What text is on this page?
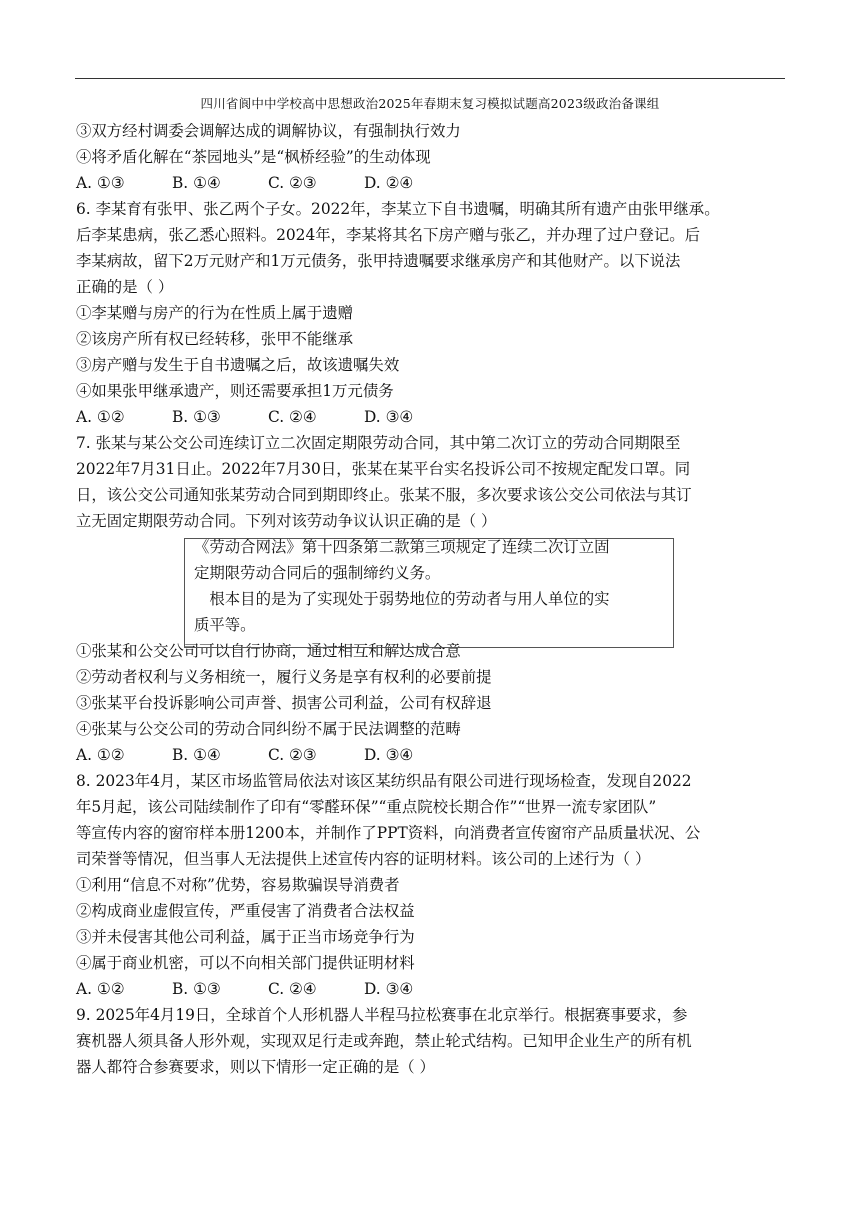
四川省阆中中学校高中思想政治2025年春期末复习模拟试题高2023级政治备课组
③双方经村调委会调解达成的调解协议，有强制执行效力
④将矛盾化解在“茶园地头”是“枫桥经验”的生动体现
A. ①③	B. ①④	C. ②③	D. ②④
6. 李某育有张甲、张乙两个子女。2022年，李某立下自书遗嘱，明确其所有遗产由张甲继承。
后李某患病，张乙悉心照料。2024年，李某将其名下房产赠与张乙，并办理了过户登记。后
李某病故，留下2万元财产和1万元债务，张甲持遗嘱要求继承房产和其他财产。以下说法
正确的是（ ）
①李某赠与房产的行为在性质上属于遗赠
②该房产所有权已经转移，张甲不能继承
③房产赠与发生于自书遗嘱之后，故该遗嘱失效
④如果张甲继承遗产，则还需要承担1万元债务
A. ①②	B. ①③	C. ②④	D. ③④
7. 张某与某公交公司连续订立二次固定期限劳动合同，其中第二次订立的劳动合同期限至
2022年7月31日止。2022年7月30日，张某在某平台实名投诉公司不按规定配发口罩。同
日，该公交公司通知张某劳动合同到期即终止。张某不服，多次要求该公交公司依法与其订
立无固定期限劳动合同。下列对该劳动争议认识正确的是（ ）
《劳动合网法》第十四条第二款第三项规定了连续二次订立固
定期限劳动合同后的强制缔约义务。
　根本目的是为了实现处于弱势地位的劳动者与用人单位的实
质平等。
①张某和公交公司可以自行协商，通过相互和解达成合意
②劳动者权利与义务相统一，履行义务是享有权利的必要前提
③张某平台投诉影响公司声誉、损害公司利益，公司有权辞退
④张某与公交公司的劳动合同纠纷不属于民法调整的范畴
A. ①②	B. ①④	C. ②③	D. ③④
8. 2023年4月，某区市场监管局依法对该区某纺织品有限公司进行现场检查，发现自2022
年5月起，该公司陆续制作了印有“零醛环保”“重点院校长期合作”“世界一流专家团队”
等宣传内容的窗帘样本册1200本，并制作了PPT资料，向消费者宣传窗帘产品质量状况、公
司荣誉等情况，但当事人无法提供上述宣传内容的证明材料。该公司的上述行为（ ）
①利用“信息不对称”优势，容易欺骗误导消费者
②构成商业虚假宣传，严重侵害了消费者合法权益
③并未侵害其他公司利益，属于正当市场竞争行为
④属于商业机密，可以不向相关部门提供证明材料
A. ①②	B. ①③	C. ②④	D. ③④
9. 2025年4月19日，全球首个人形机器人半程马拉松赛事在北京举行。根据赛事要求，参
赛机器人须具备人形外观，实现双足行走或奔跑，禁止轮式结构。已知甲企业生产的所有机
器人都符合参赛要求，则以下情形一定正确的是（ ）
